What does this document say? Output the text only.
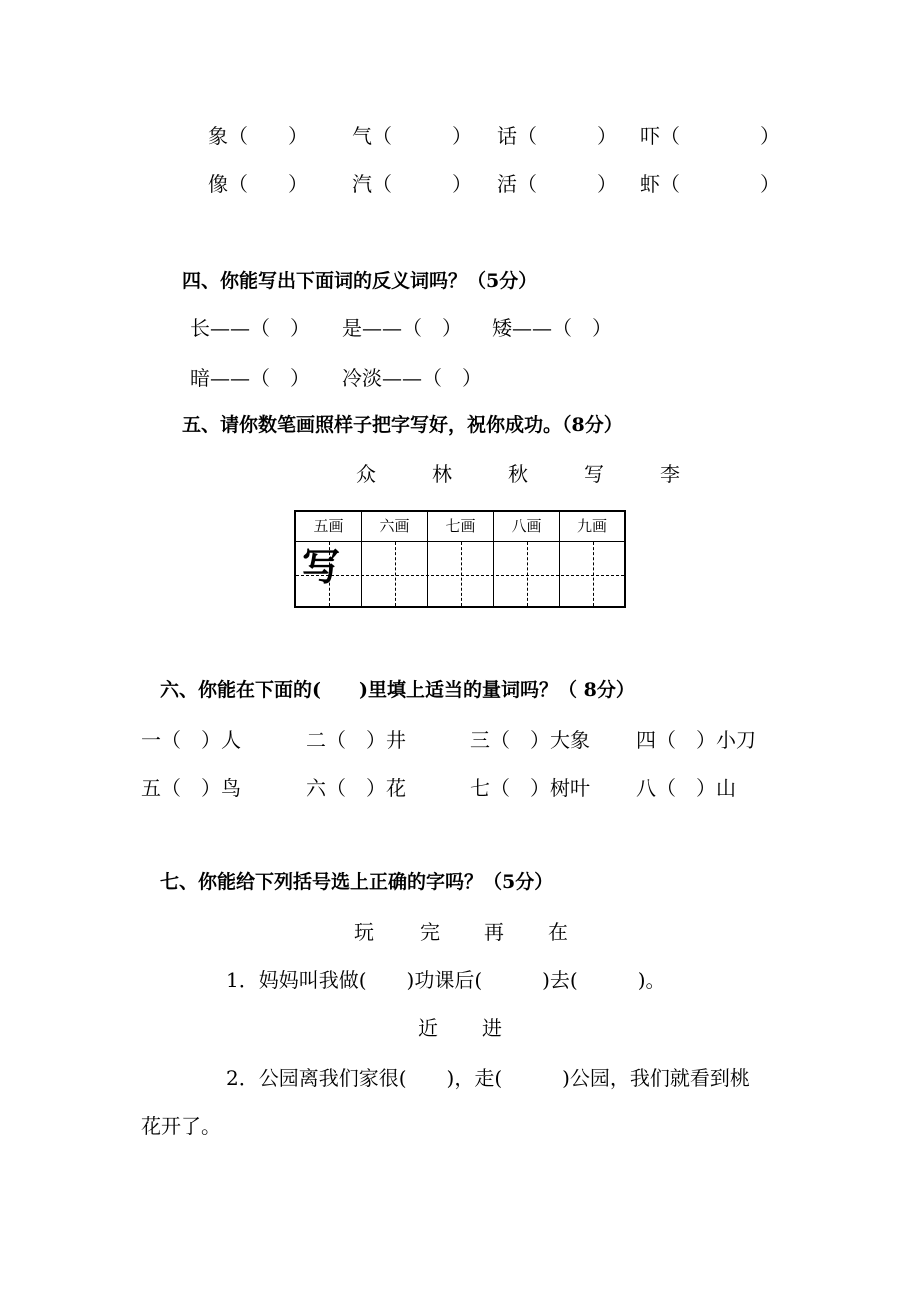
象（　　） 气（　　　） 话（　　　） 吓（　　　　）
像（　　） 汽（　　　） 活（　　　） 虾（　　　　）
四、你能写出下面词的反义词吗？（5分）
长——（　） 是——（　） 矮——（　）
暗——（　） 冷淡——（　）
五、请你数笔画照样子把字写好，祝你成功。（8分）
众	林	秋	写	李
五画	六画	七画	八画	九画
写
六、你能在下面的(　　)里填上适当的量词吗？（ 8分）
一（　）人	二（　）井	三（　）大象 四（　）小刀
五（　）鸟	六（　）花	七（　）树叶 八（　）山
七、你能给下列括号选上正确的字吗？（5分）
玩 完 再 在
1．妈妈叫我做(　　)功课后(　　　)去(　　　)。
近 进
2．公园离我们家很(　　)，走(　　　)公园，我们就看到桃
花开了。
